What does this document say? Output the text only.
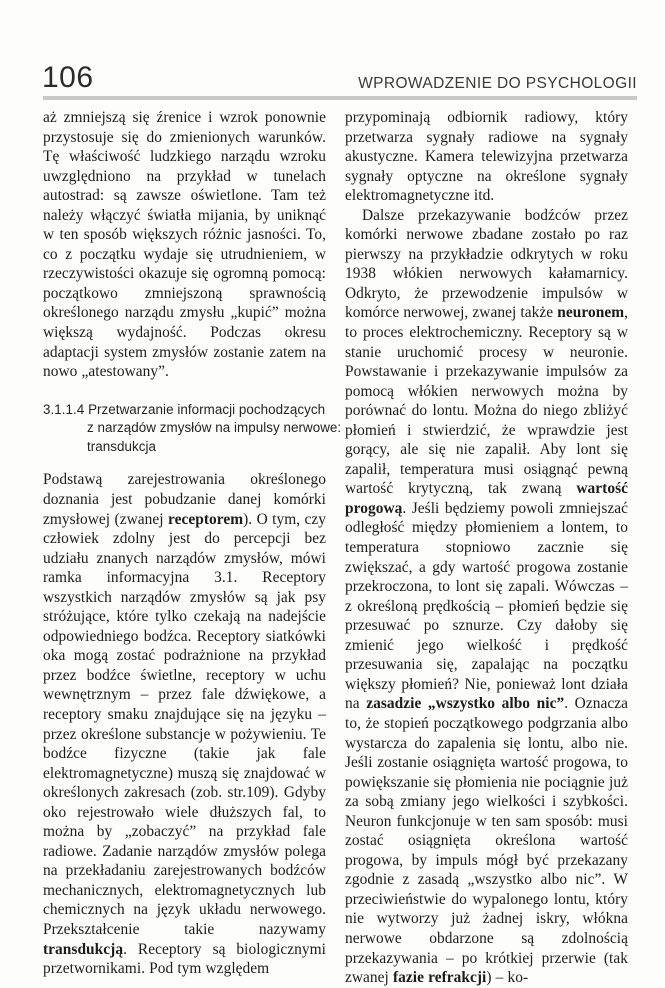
106	WPROWADZENIE DO PSYCHOLOGII

aż zmniejszą się źrenice i wzrok ponownie przystosuje się do zmienionych warunków. Tę właściwość ludzkiego narządu wzroku uwzględniono na przykład w tunelach autostrad: są zawsze oświetlone. Tam też należy włączyć światła mijania, by uniknąć w ten sposób większych różnic jasności. To, co z początku wydaje się utrudnieniem, w rzeczywistości okazuje się ogromną pomocą: początkowo zmniejszoną sprawnością określonego narządu zmysłu „kupić” można większą wydajność. Podczas okresu adaptacji system zmysłów zostanie zatem na nowo „atestowany”.

3.1.1.4 Przetwarzanie informacji pochodzących
z narządów zmysłów na impulsy nerwowe:
transdukcja

Podstawą zarejestrowania określonego doznania jest pobudzanie danej komórki zmysłowej (zwanej receptorem). O tym, czy człowiek zdolny jest do percepcji bez udziału znanych narządów zmysłów, mówi ramka informacyjna 3.1. Receptory wszystkich narządów zmysłów są jak psy stróżujące, które tylko czekają na nadejście odpowiedniego bodźca. Receptory siatkówki oka mogą zostać podrażnione na przykład przez bodźce świetlne, receptory w uchu wewnętrznym – przez fale dźwiękowe, a receptory smaku znajdujące się na języku – przez określone substancje w pożywieniu. Te bodźce fizyczne (takie jak fale elektromagnetyczne) muszą się znajdować w określonych zakresach (zob. str.109). Gdyby oko rejestrowało wiele dłuższych fal, to można by „zobaczyć” na przykład fale radiowe. Zadanie narządów zmysłów polega na przekładaniu zarejestrowanych bodźców mechanicznych, elektromagnetycznych lub chemicznych na język układu nerwowego. Przekształcenie takie nazywamy transdukcją. Receptory są biologicznymi przetwornikami. Pod tym względem

przypominają odbiornik radiowy, który przetwarza sygnały radiowe na sygnały akustyczne. Kamera telewizyjna przetwarza sygnały optyczne na określone sygnały elektromagnetyczne itd.

Dalsze przekazywanie bodźców przez komórki nerwowe zbadane zostało po raz pierwszy na przykładzie odkrytych w roku 1938 włókien nerwowych kałamarnicy. Odkryto, że przewodzenie impulsów w komórce nerwowej, zwanej także neuronem, to proces elektrochemiczny. Receptory są w stanie uruchomić procesy w neuronie. Powstawanie i przekazywanie impulsów za pomocą włókien nerwowych można by porównać do lontu. Można do niego zbliżyć płomień i stwierdzić, że wprawdzie jest gorący, ale się nie zapalił. Aby lont się zapalił, temperatura musi osiągnąć pewną wartość krytyczną, tak zwaną wartość progową. Jeśli będziemy powoli zmniejszać odległość między płomieniem a lontem, to temperatura stopniowo zacznie się zwiększać, a gdy wartość progowa zostanie przekroczona, to lont się zapali. Wówczas – z określoną prędkością – płomień będzie się przesuwać po sznurze. Czy dałoby się zmienić jego wielkość i prędkość przesuwania się, zapalając na początku większy płomień? Nie, ponieważ lont działa na zasadzie „wszystko albo nic”. Oznacza to, że stopień początkowego podgrzania albo wystarcza do zapalenia się lontu, albo nie. Jeśli zostanie osiągnięta wartość progowa, to powiększanie się płomienia nie pociągnie już za sobą zmiany jego wielkości i szybkości. Neuron funkcjonuje w ten sam sposób: musi zostać osiągnięta określona wartość progowa, by impuls mógł być przekazany zgodnie z zasadą „wszystko albo nic”. W przeciwieństwie do wypalonego lontu, który nie wytworzy już żadnej iskry, włókna nerwowe obdarzone są zdolnością przekazywania – po krótkiej przerwie (tak zwanej fazie refrakcji) – ko-
